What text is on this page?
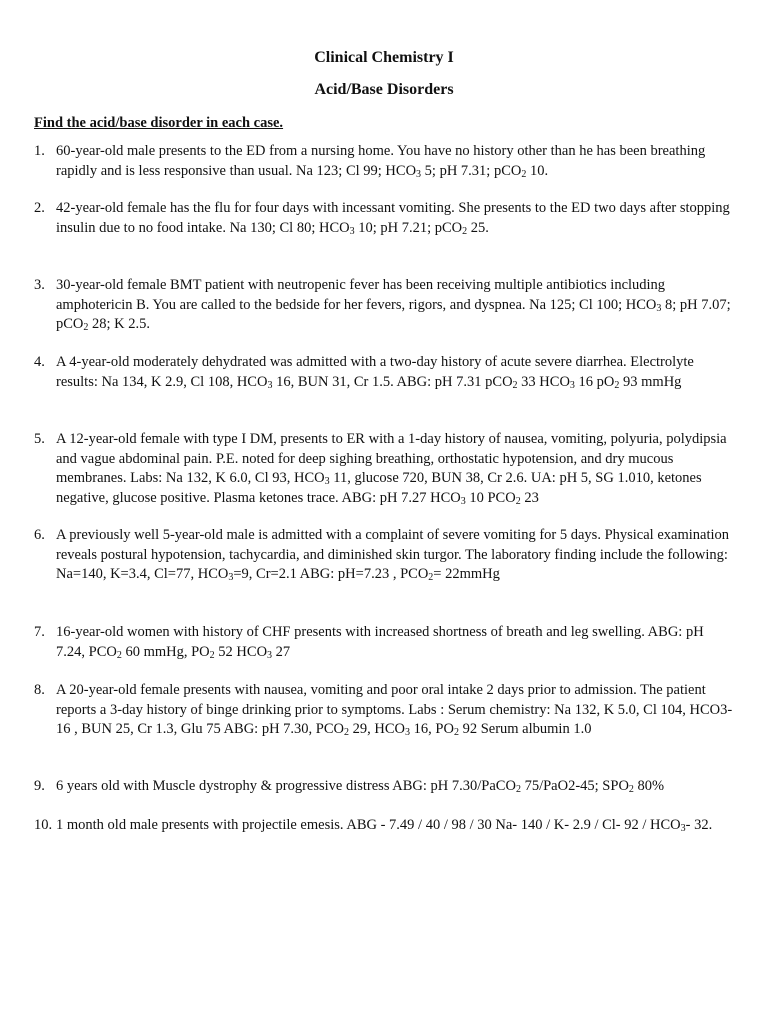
Clinical Chemistry I
Acid/Base Disorders
Find the acid/base disorder in each case.
1. 60-year-old male presents to the ED from a nursing home. You have no history other than he has been breathing rapidly and is less responsive than usual. Na 123; Cl 99; $HCO_3$ 5; pH 7.31; pCO$_2$ 10.
2. 42-year-old female has the flu for four days with incessant vomiting. She presents to the ED two days after stopping insulin due to no food intake. Na 130; Cl 80; $HCO_3$ 10; pH 7.21; pCO$_2$ 25.
3. 30-year-old female BMT patient with neutropenic fever has been receiving multiple antibiotics including amphotericin B. You are called to the bedside for her fevers, rigors, and dyspnea. Na 125; Cl 100; $HCO_3$ 8; pH 7.07; pCO$_2$ 28; K 2.5.
4. A 4-year-old moderately dehydrated was admitted with a two-day history of acute severe diarrhea. Electrolyte results: Na 134, K 2.9, Cl 108, $HCO_3$ 16, BUN 31, Cr 1.5. ABG: pH 7.31 pCO$_2$ 33 $HCO_3$ 16 $pO_2$ 93 mmHg
5. A 12-year-old female with type I DM, presents to ER with a 1-day history of nausea, vomiting, polyuria, polydipsia and vague abdominal pain. P.E. noted for deep sighing breathing, orthostatic hypotension, and dry mucous membranes. Labs: Na 132, K 6.0, Cl 93, $HCO_3$ 11, glucose 720, BUN 38, Cr 2.6. UA: pH 5, SG 1.010, ketones negative, glucose positive. Plasma ketones trace. ABG: pH 7.27 $HCO_3$ 10 $PCO_2$ 23
6. A previously well 5-year-old male is admitted with a complaint of severe vomiting for 5 days. Physical examination reveals postural hypotension, tachycardia, and diminished skin turgor. The laboratory finding include the following: Na=140, K=3.4, Cl=77, $HCO_3=9$, Cr=2.1 ABG: pH=7.23 , $PCO_2=$ 22mmHg
7. 16-year-old women with history of CHF presents with increased shortness of breath and leg swelling. ABG: pH 7.24, $PCO_2$ 60 mmHg, $PO_2$ 52 $HCO_3$ 27
8. A 20-year-old female presents with nausea, vomiting and poor oral intake 2 days prior to admission. The patient reports a 3-day history of binge drinking prior to symptoms. Labs : Serum chemistry: Na 132, K 5.0, Cl 104, HCO3- 16 , BUN 25, Cr 1.3, Glu 75 ABG: pH 7.30, $PCO_2$ 29, $HCO_3$ 16, $PO_2$ 92 Serum albumin 1.0
9. 6 years old with Muscle dystrophy & progressive distress ABG: pH 7.30/PaCO$_2$ 75/PaO2-45; $SPO_2$ 80%
10. 1 month old male presents with projectile emesis. ABG - 7.49 / 40 / 98 / 30 Na- 140 / K- 2.9 / Cl- $92 / HCO_3-$ 32.
